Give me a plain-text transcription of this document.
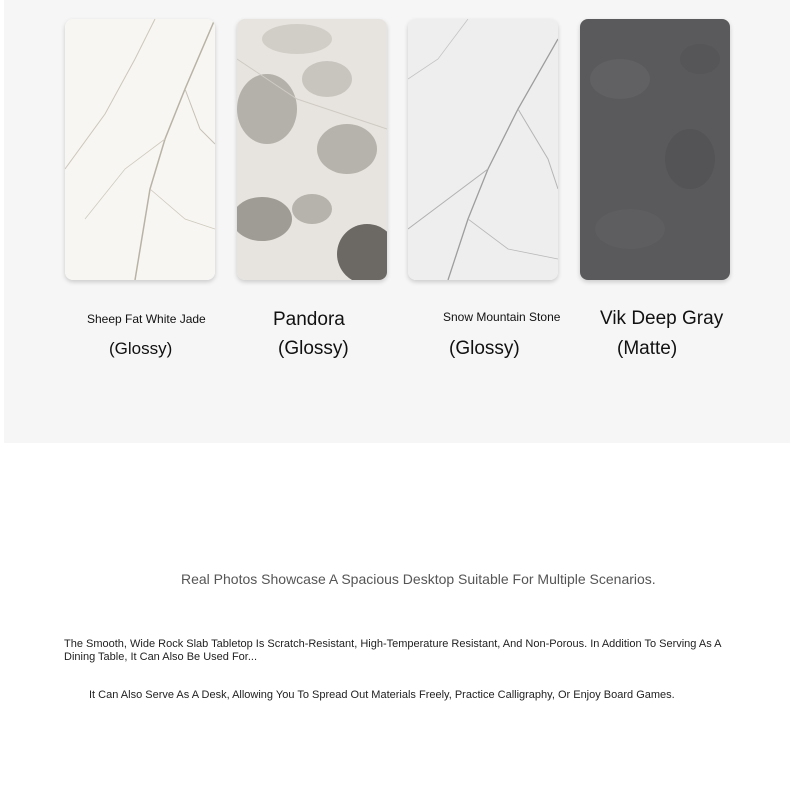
Sheep Fat White Jade
(Glossy)
Pandora
(Glossy)
Snow Mountain Stone
(Glossy)
Vik Deep Gray
(Matte)
Real Photos Showcase A Spacious Desktop Suitable For Multiple Scenarios.
The Smooth, Wide Rock Slab Tabletop Is Scratch-Resistant, High-Temperature Resistant, And Non-Porous. In Addition To Serving As A Dining Table, It Can Also Be Used For...
It Can Also Serve As A Desk, Allowing You To Spread Out Materials Freely, Practice Calligraphy, Or Enjoy Board Games.
